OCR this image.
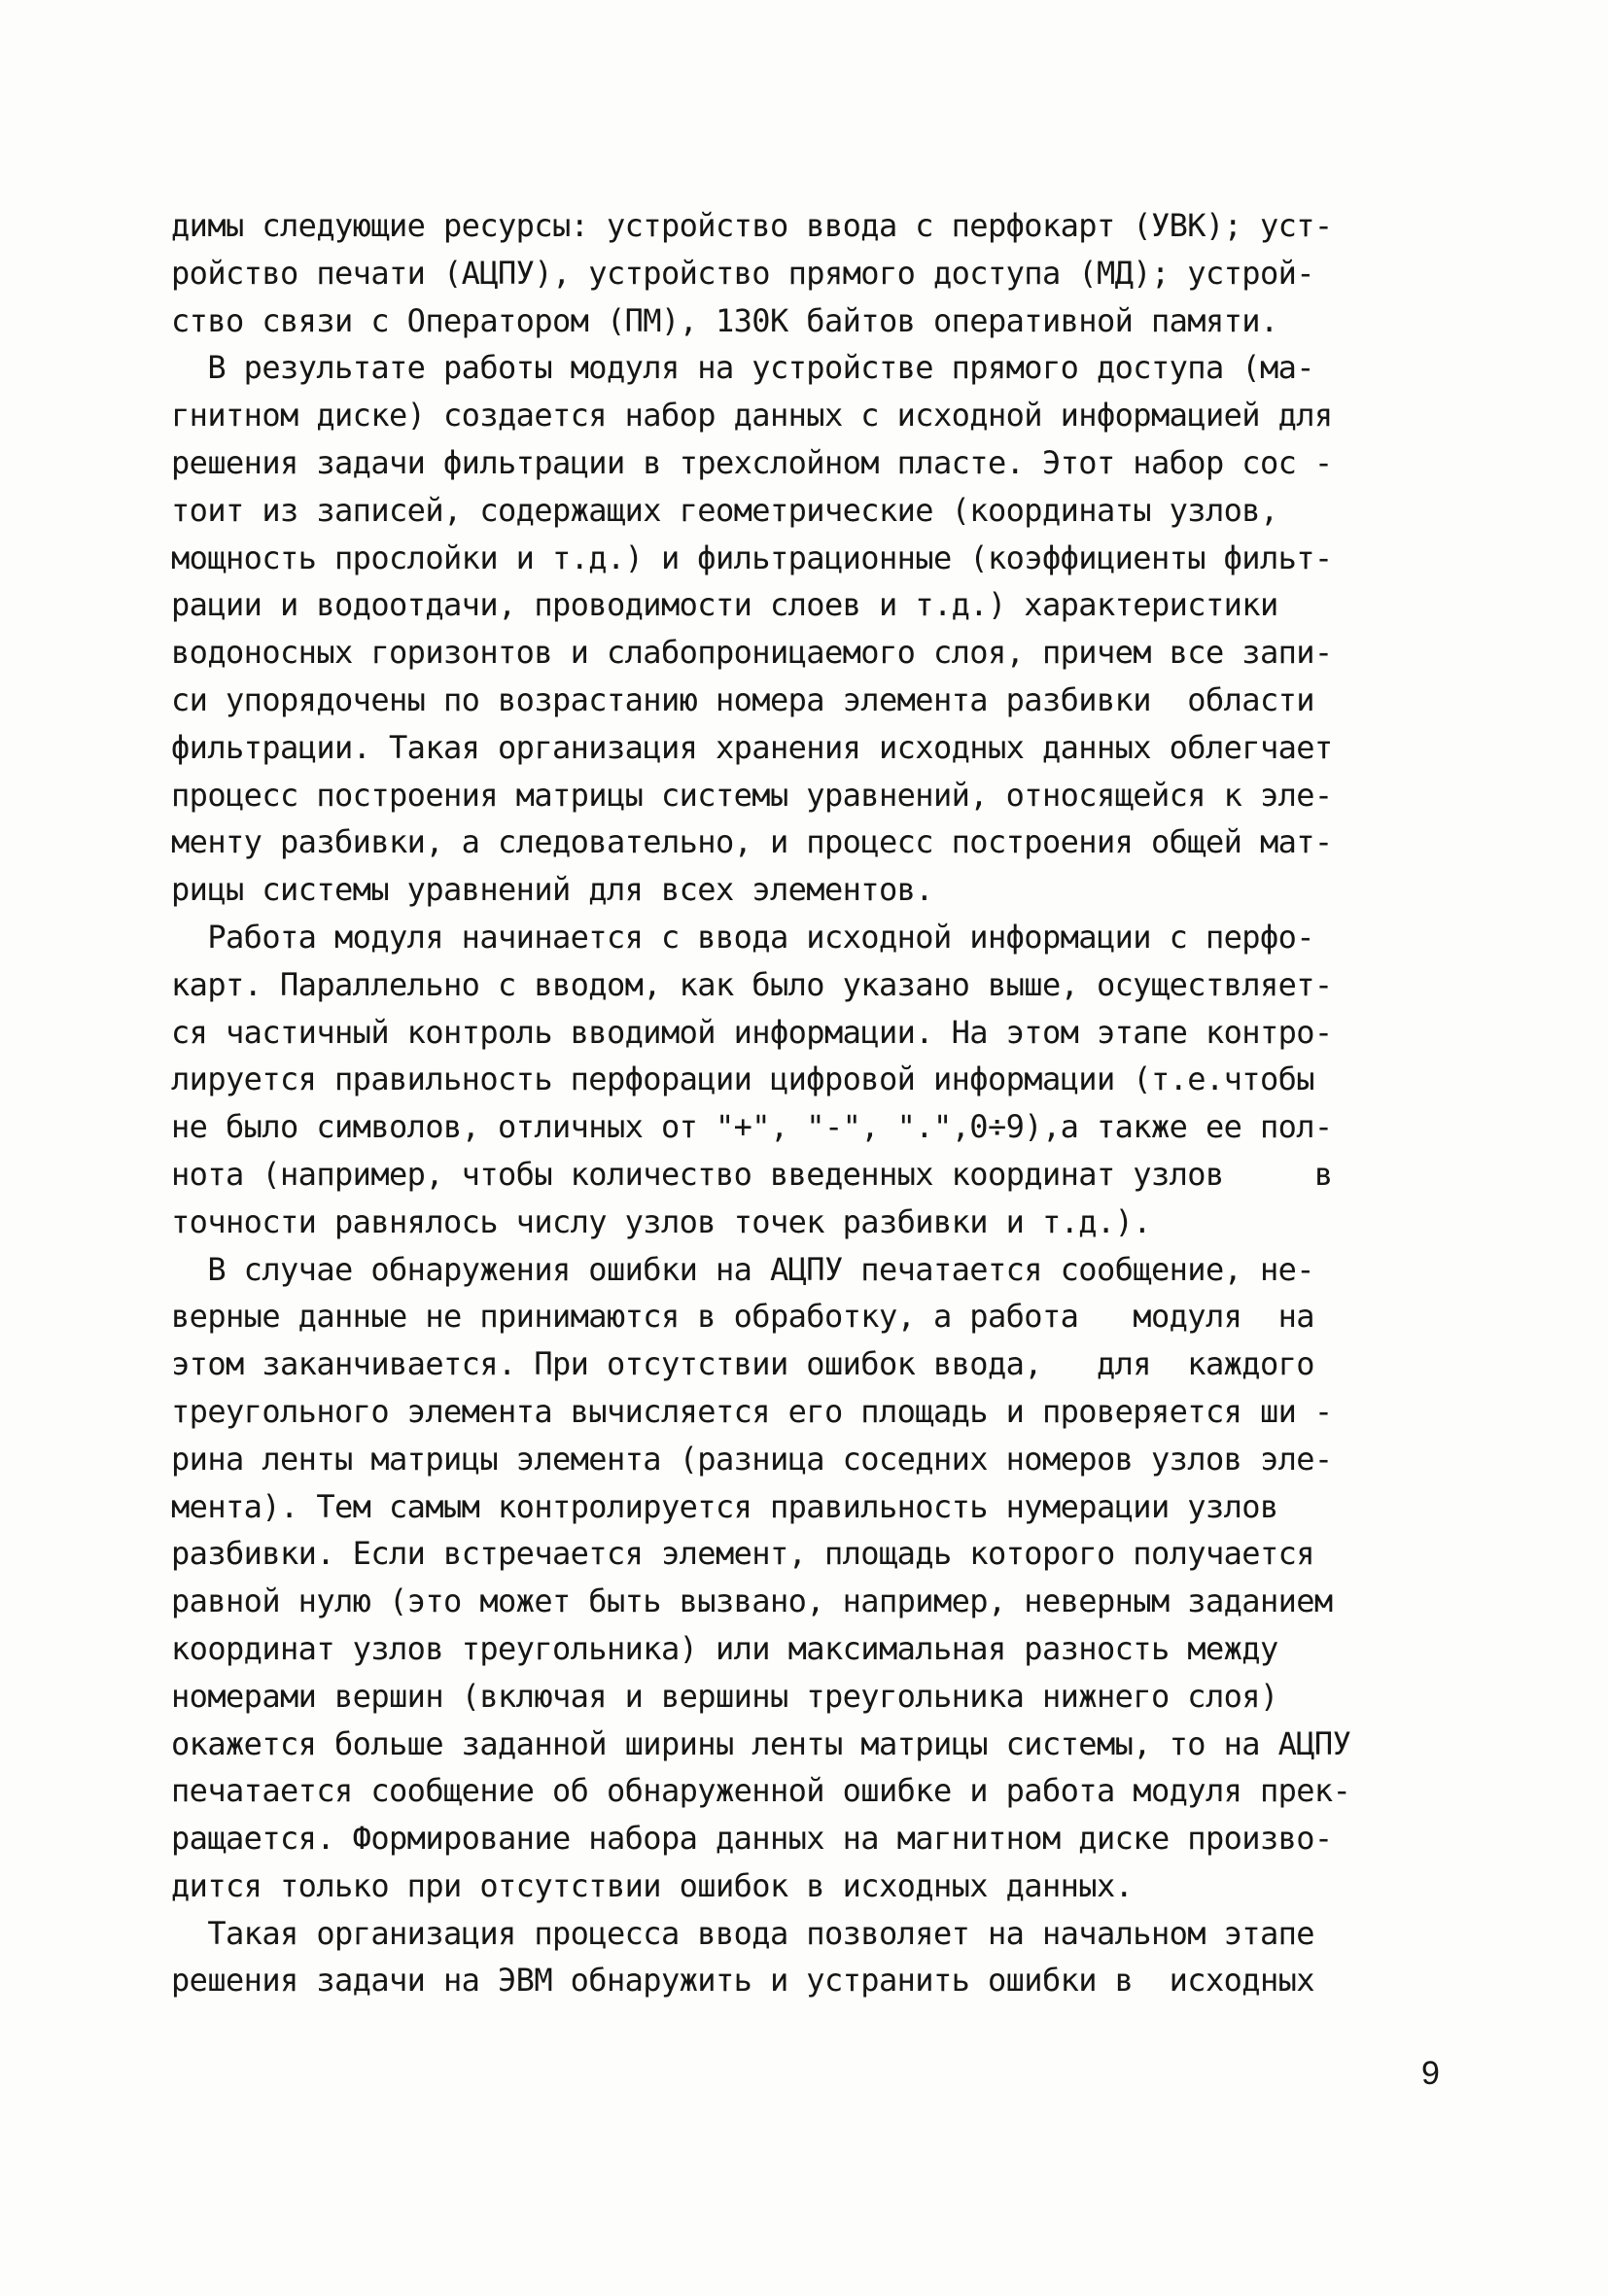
димы следующие ресурсы: устройство ввода с перфокарт (УВК); уст-
ройство печати (АЦПУ), устройство прямого доступа (МД); устрой-
ство связи с Оператором (ПМ), 130К байтов оперативной памяти.
В результате работы модуля на устройстве прямого доступа (ма-
гнитном диске) создается набор данных с исходной информацией для
решения задачи фильтрации в трехслойном пласте. Этот набор сос -
тоит из записей, содержащих геометрические (координаты узлов,
мощность прослойки и т.д.) и фильтрационные (коэффициенты фильт-
рации и водоотдачи, проводимости слоев и т.д.) характеристики
водоносных горизонтов и слабопроницаемого слоя, причем все запи-
си упорядочены по возрастанию номера элемента разбивки  области
фильтрации. Такая организация хранения исходных данных облегчает
процесс построения матрицы системы уравнений, относящейся к эле-
менту разбивки, а следовательно, и процесс построения общей мат-
рицы системы уравнений для всех элементов.
Работа модуля начинается с ввода исходной информации с перфо-
карт. Параллельно с вводом, как было указано выше, осуществляет-
ся частичный контроль вводимой информации. На этом этапе контро-
лируется правильность перфорации цифровой информации (т.е.чтобы
не было символов, отличных от "+", "-", ".",0÷9),а также ее пол-
нота (например, чтобы количество введенных координат узлов     в
точности равнялось числу узлов точек разбивки и т.д.).
В случае обнаружения ошибки на АЦПУ печатается сообщение, не-
верные данные не принимаются в обработку, а работа   модуля  на
этом заканчивается. При отсутствии ошибок ввода,   для  каждого
треугольного элемента вычисляется его площадь и проверяется ши -
рина ленты матрицы элемента (разница соседних номеров узлов эле-
мента). Тем самым контролируется правильность нумерации узлов
разбивки. Если встречается элемент, площадь которого получается
равной нулю (это может быть вызвано, например, неверным заданием
координат узлов треугольника) или максимальная разность между
номерами вершин (включая и вершины треугольника нижнего слоя)
окажется больше заданной ширины ленты матрицы системы, то на АЦПУ
печатается сообщение об обнаруженной ошибке и работа модуля прек-
ращается. Формирование набора данных на магнитном диске произво-
дится только при отсутствии ошибок в исходных данных.
Такая организация процесса ввода позволяет на начальном этапе
решения задачи на ЭВМ обнаружить и устранить ошибки в  исходных
9
